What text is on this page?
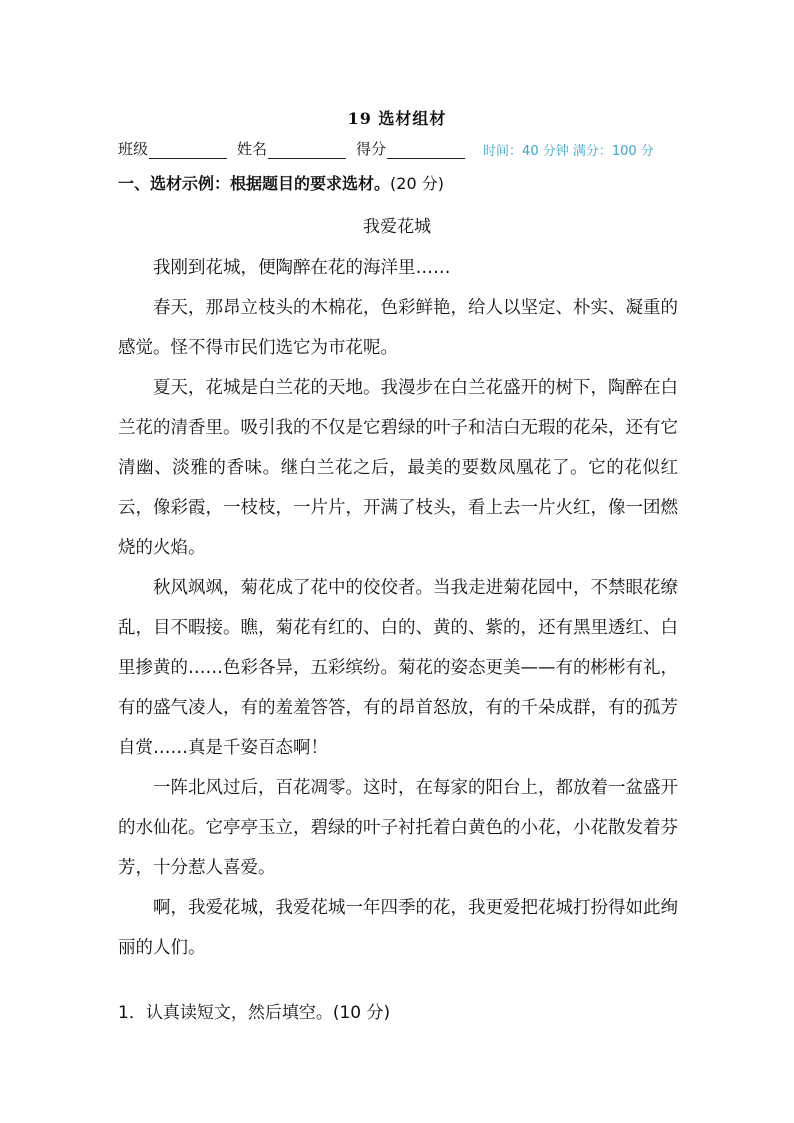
19 选材组材
班级	姓名	得分	时间：40 分钟 满分：100 分
一、选材示例：根据题目的要求选材。(20 分)
我爱花城

我刚到花城，便陶醉在花的海洋里……

春天，那昂立枝头的木棉花，色彩鲜艳，给人以坚定、朴实、凝重的感觉。怪不得市民们选它为市花呢。

夏天，花城是白兰花的天地。我漫步在白兰花盛开的树下，陶醉在白兰花的清香里。吸引我的不仅是它碧绿的叶子和洁白无瑕的花朵，还有它清幽、淡雅的香味。继白兰花之后，最美的要数凤凰花了。它的花似红云，像彩霞，一枝枝，一片片，开满了枝头，看上去一片火红，像一团燃烧的火焰。

秋风飒飒，菊花成了花中的佼佼者。当我走进菊花园中，不禁眼花缭乱，目不暇接。瞧，菊花有红的、白的、黄的、紫的，还有黑里透红、白里掺黄的……色彩各异，五彩缤纷。菊花的姿态更美——有的彬彬有礼，有的盛气凌人，有的羞羞答答，有的昂首怒放，有的千朵成群，有的孤芳自赏……真是千姿百态啊！

一阵北风过后，百花凋零。这时，在每家的阳台上，都放着一盆盛开的水仙花。它亭亭玉立，碧绿的叶子衬托着白黄色的小花，小花散发着芬芳，十分惹人喜爱。

啊，我爱花城，我爱花城一年四季的花，我更爱把花城打扮得如此绚丽的人们。

1．认真读短文，然后填空。(10 分)
